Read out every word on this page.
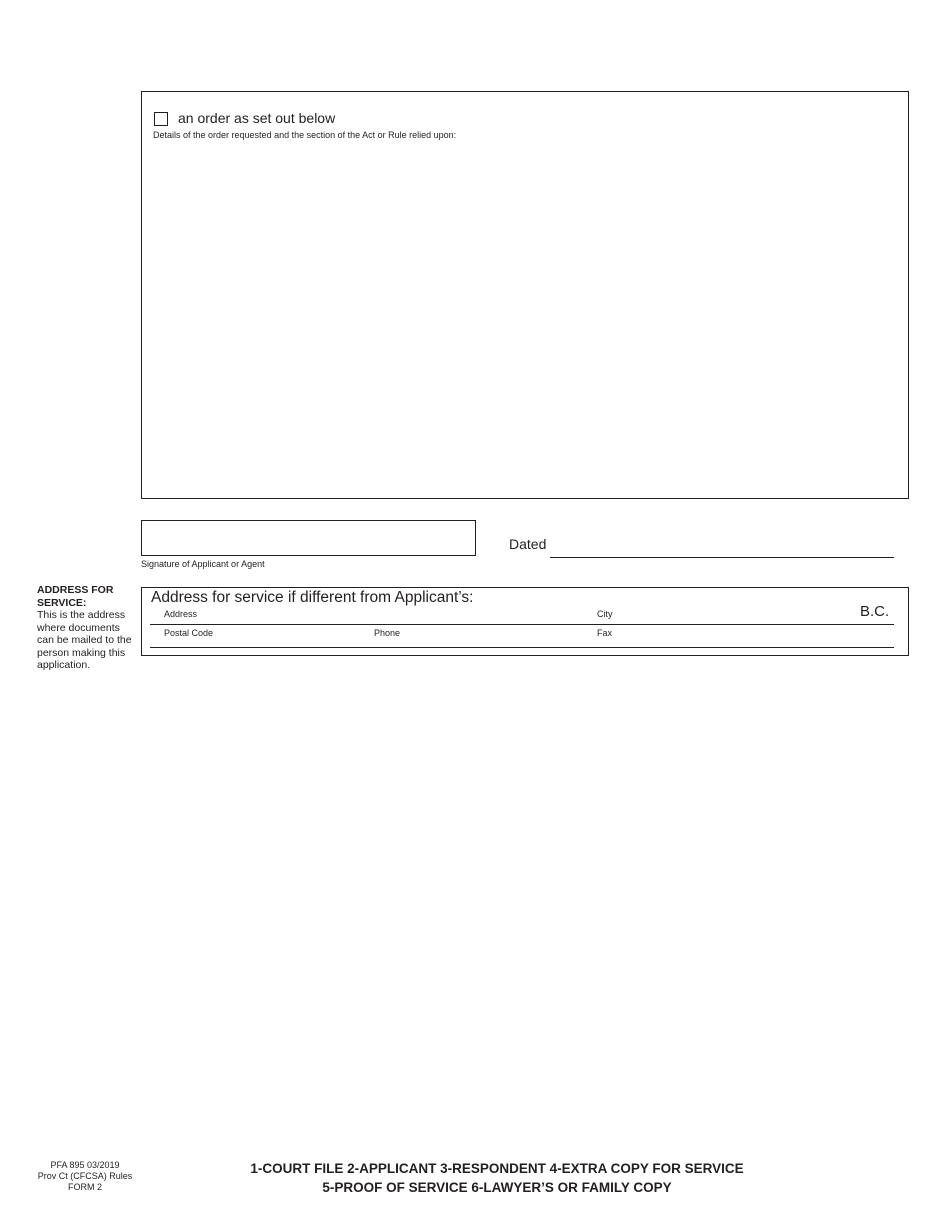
an order as set out below
Details of the order requested and the section of the Act or Rule relied upon:
Signature of Applicant or Agent
Dated
ADDRESS FOR SERVICE:
This is the address where documents can be mailed to the person making this application.
Address for service if different from Applicant’s:
Address	City	B.C.
Postal Code	Phone	Fax
PFA 895 03/2019
Prov Ct (CFCSA) Rules
FORM 2
1-COURT FILE 2-APPLICANT 3-RESPONDENT 4-EXTRA COPY FOR SERVICE
5-PROOF OF SERVICE 6-LAWYER’S OR FAMILY COPY
